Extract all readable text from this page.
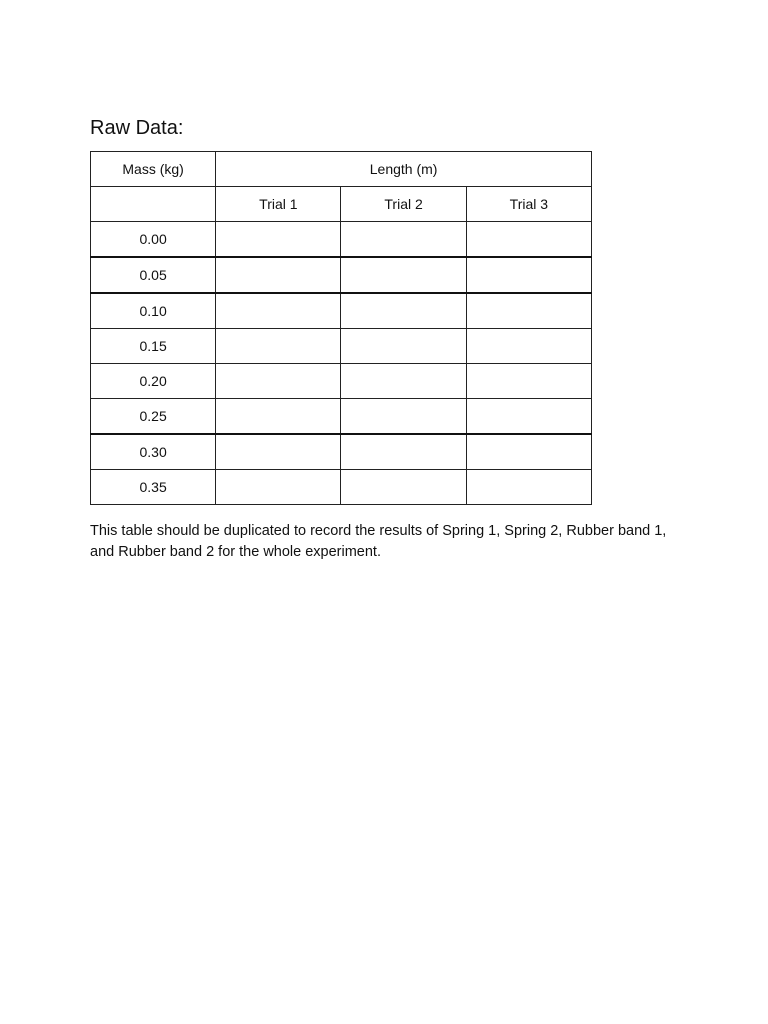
Raw Data:
Mass (kg)	Length (m)		
	Trial 1	Trial 2	Trial 3
0.00			
0.05			
0.10			
0.15			
0.20			
0.25			
0.30			
0.35			

This table should be duplicated to record the results of Spring 1, Spring 2, Rubber band 1, and Rubber band 2 for the whole experiment.
